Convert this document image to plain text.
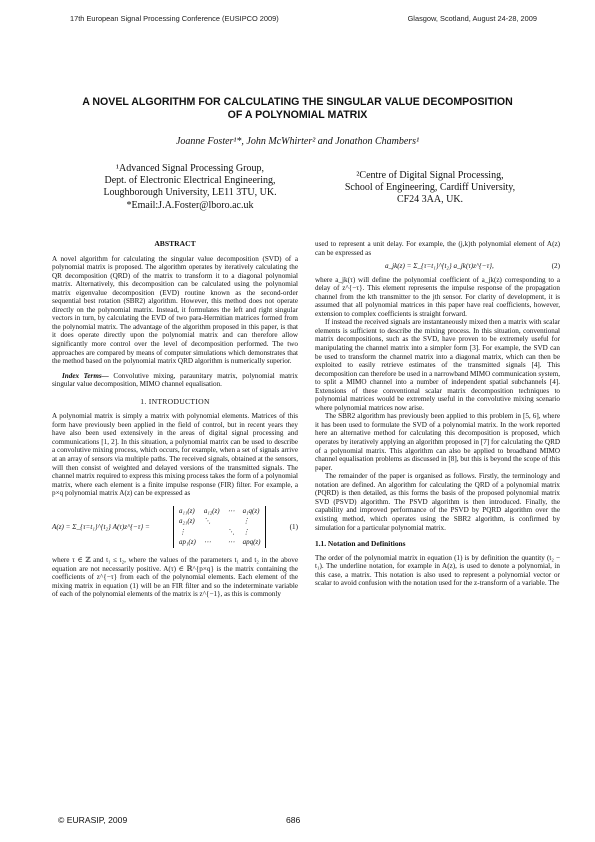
17th European Signal Processing Conference (EUSIPCO 2009)	Glasgow, Scotland, August 24-28, 2009
A NOVEL ALGORITHM FOR CALCULATING THE SINGULAR VALUE DECOMPOSITION
OF A POLYNOMIAL MATRIX
Joanne Foster¹*, John McWhirter² and Jonathon Chambers¹
¹Advanced Signal Processing Group,
Dept. of Electronic Electrical Engineering,
Loughborough University, LE11 3TU, UK.
*Email:J.A.Foster@lboro.ac.uk
²Centre of Digital Signal Processing,
School of Engineering, Cardiff University,
CF24 3AA, UK.

ABSTRACT

A novel algorithm for calculating the singular value decomposition (SVD) of a polynomial matrix is proposed. The algorithm operates by iteratively calculating the QR decomposition (QRD) of the matrix to transform it to a diagonal polynomial matrix. Alternatively, this decomposition can be calculated using the polynomial matrix eigenvalue decomposition (EVD) routine known as the second-order sequential best rotation (SBR2) algorithm. However, this method does not operate directly on the polynomial matrix. Instead, it formulates the left and right singular vectors in turn, by calculating the EVD of two para-Hermitian matrices formed from the polynomial matrix. The advantage of the algorithm proposed in this paper, is that it does operate directly upon the polynomial matrix and can therefore allow significantly more control over the level of decomposition performed. The two approaches are compared by means of computer simulations which demonstrates that the method based on the polynomial matrix QRD algorithm is numerically superior.

Index Terms— Convolutive mixing, paraunitary matrix, polynomial matrix singular value decomposition, MIMO channel equalisation.

1. INTRODUCTION

A polynomial matrix is simply a matrix with polynomial elements. Matrices of this form have previously been applied in the field of control, but in recent years they have also been used extensively in the areas of digital signal processing and communications [1, 2]. In this situation, a polynomial matrix can be used to describe a convolutive mixing process, which occurs, for example, when a set of signals arrive at an array of sensors via multiple paths. The received signals, obtained at the sensors, will then consist of weighted and delayed versions of the transmitted signals. The channel matrix required to express this mixing process takes the form of a polynomial matrix, where each element is a finite impulse response (FIR) filter. For example, a p×q polynomial matrix A(z) can be expressed as

A(z) = Σ_{τ=t₁}^{t₂} A(τ)z^{−τ} =
a₁₁(z) a₁₂(z) ⋯ a₁q(z)
a₂₁(z) ⋱	⋮
⋮	⋱ ⋮
ap₁(z) ⋯	⋯ apq(z)
(1)

where τ ∈ ℤ and t₁ ≤ t₂, where the values of the parameters t₁ and t₂ in the above equation are not necessarily positive. A(τ) ∈ ℝ^{p×q} is the matrix containing the coefficients of z^{−τ} from each of the polynomial elements. Each element of the mixing matrix in equation (1) will be an FIR filter and so the indeterminate variable of each of the polynomial elements of the matrix is z^{−1}, as this is commonly

used to represent a unit delay. For example, the (j,k)th polynomial element of A(z) can be expressed as

a_jk(z) = Σ_{τ=t₁}^{t₂} a_jk(τ)z^{−τ},	(2)

where a_jk(τ) will define the polynomial coefficient of a_jk(z) corresponding to a delay of z^{−τ}. This element represents the impulse response of the propagation channel from the kth transmitter to the jth sensor. For clarity of development, it is assumed that all polynomial matrices in this paper have real coefficients, however, extension to complex coefficients is straight forward.

If instead the received signals are instantaneously mixed then a matrix with scalar elements is sufficient to describe the mixing process. In this situation, conventional matrix decompositions, such as the SVD, have proven to be extremely useful for manipulating the channel matrix into a simpler form [3]. For example, the SVD can be used to transform the channel matrix into a diagonal matrix, which can then be exploited to easily retrieve estimates of the transmitted signals [4]. This decomposition can therefore be used in a narrowband MIMO communication system, to split a MIMO channel into a number of independent spatial subchannels [4]. Extensions of these conventional scalar matrix decomposition techniques to polynomial matrices would be extremely useful in the convolutive mixing scenario where polynomial matrices now arise.

The SBR2 algorithm has previously been applied to this problem in [5, 6], where it has been used to formulate the SVD of a polynomial matrix. In the work reported here an alternative method for calculating this decomposition is proposed, which operates by iteratively applying an algorithm proposed in [7] for calculating the QRD of a polynomial matrix. This algorithm can also be applied to broadband MIMO channel equalisation problems as discussed in [8], but this is beyond the scope of this paper.

The remainder of the paper is organised as follows. Firstly, the terminology and notation are defined. An algorithm for calculating the QRD of a polynomial matrix (PQRD) is then detailed, as this forms the basis of the proposed polynomial matrix SVD (PSVD) algorithm. The PSVD algorithm is then introduced. Finally, the capability and improved performance of the PSVD by PQRD algorithm over the existing method, which operates using the SBR2 algorithm, is confirmed by simulation for a particular polynomial matrix.

1.1. Notation and Definitions

The order of the polynomial matrix in equation (1) is by definition the quantity (t₂ − t₁). The underline notation, for example in A(z), is used to denote a polynomial, in this case, a matrix. This notation is also used to represent a polynomial vector or scalar to avoid confusion with the notation used for the z-transform of a variable. The

© EURASIP, 2009	686
